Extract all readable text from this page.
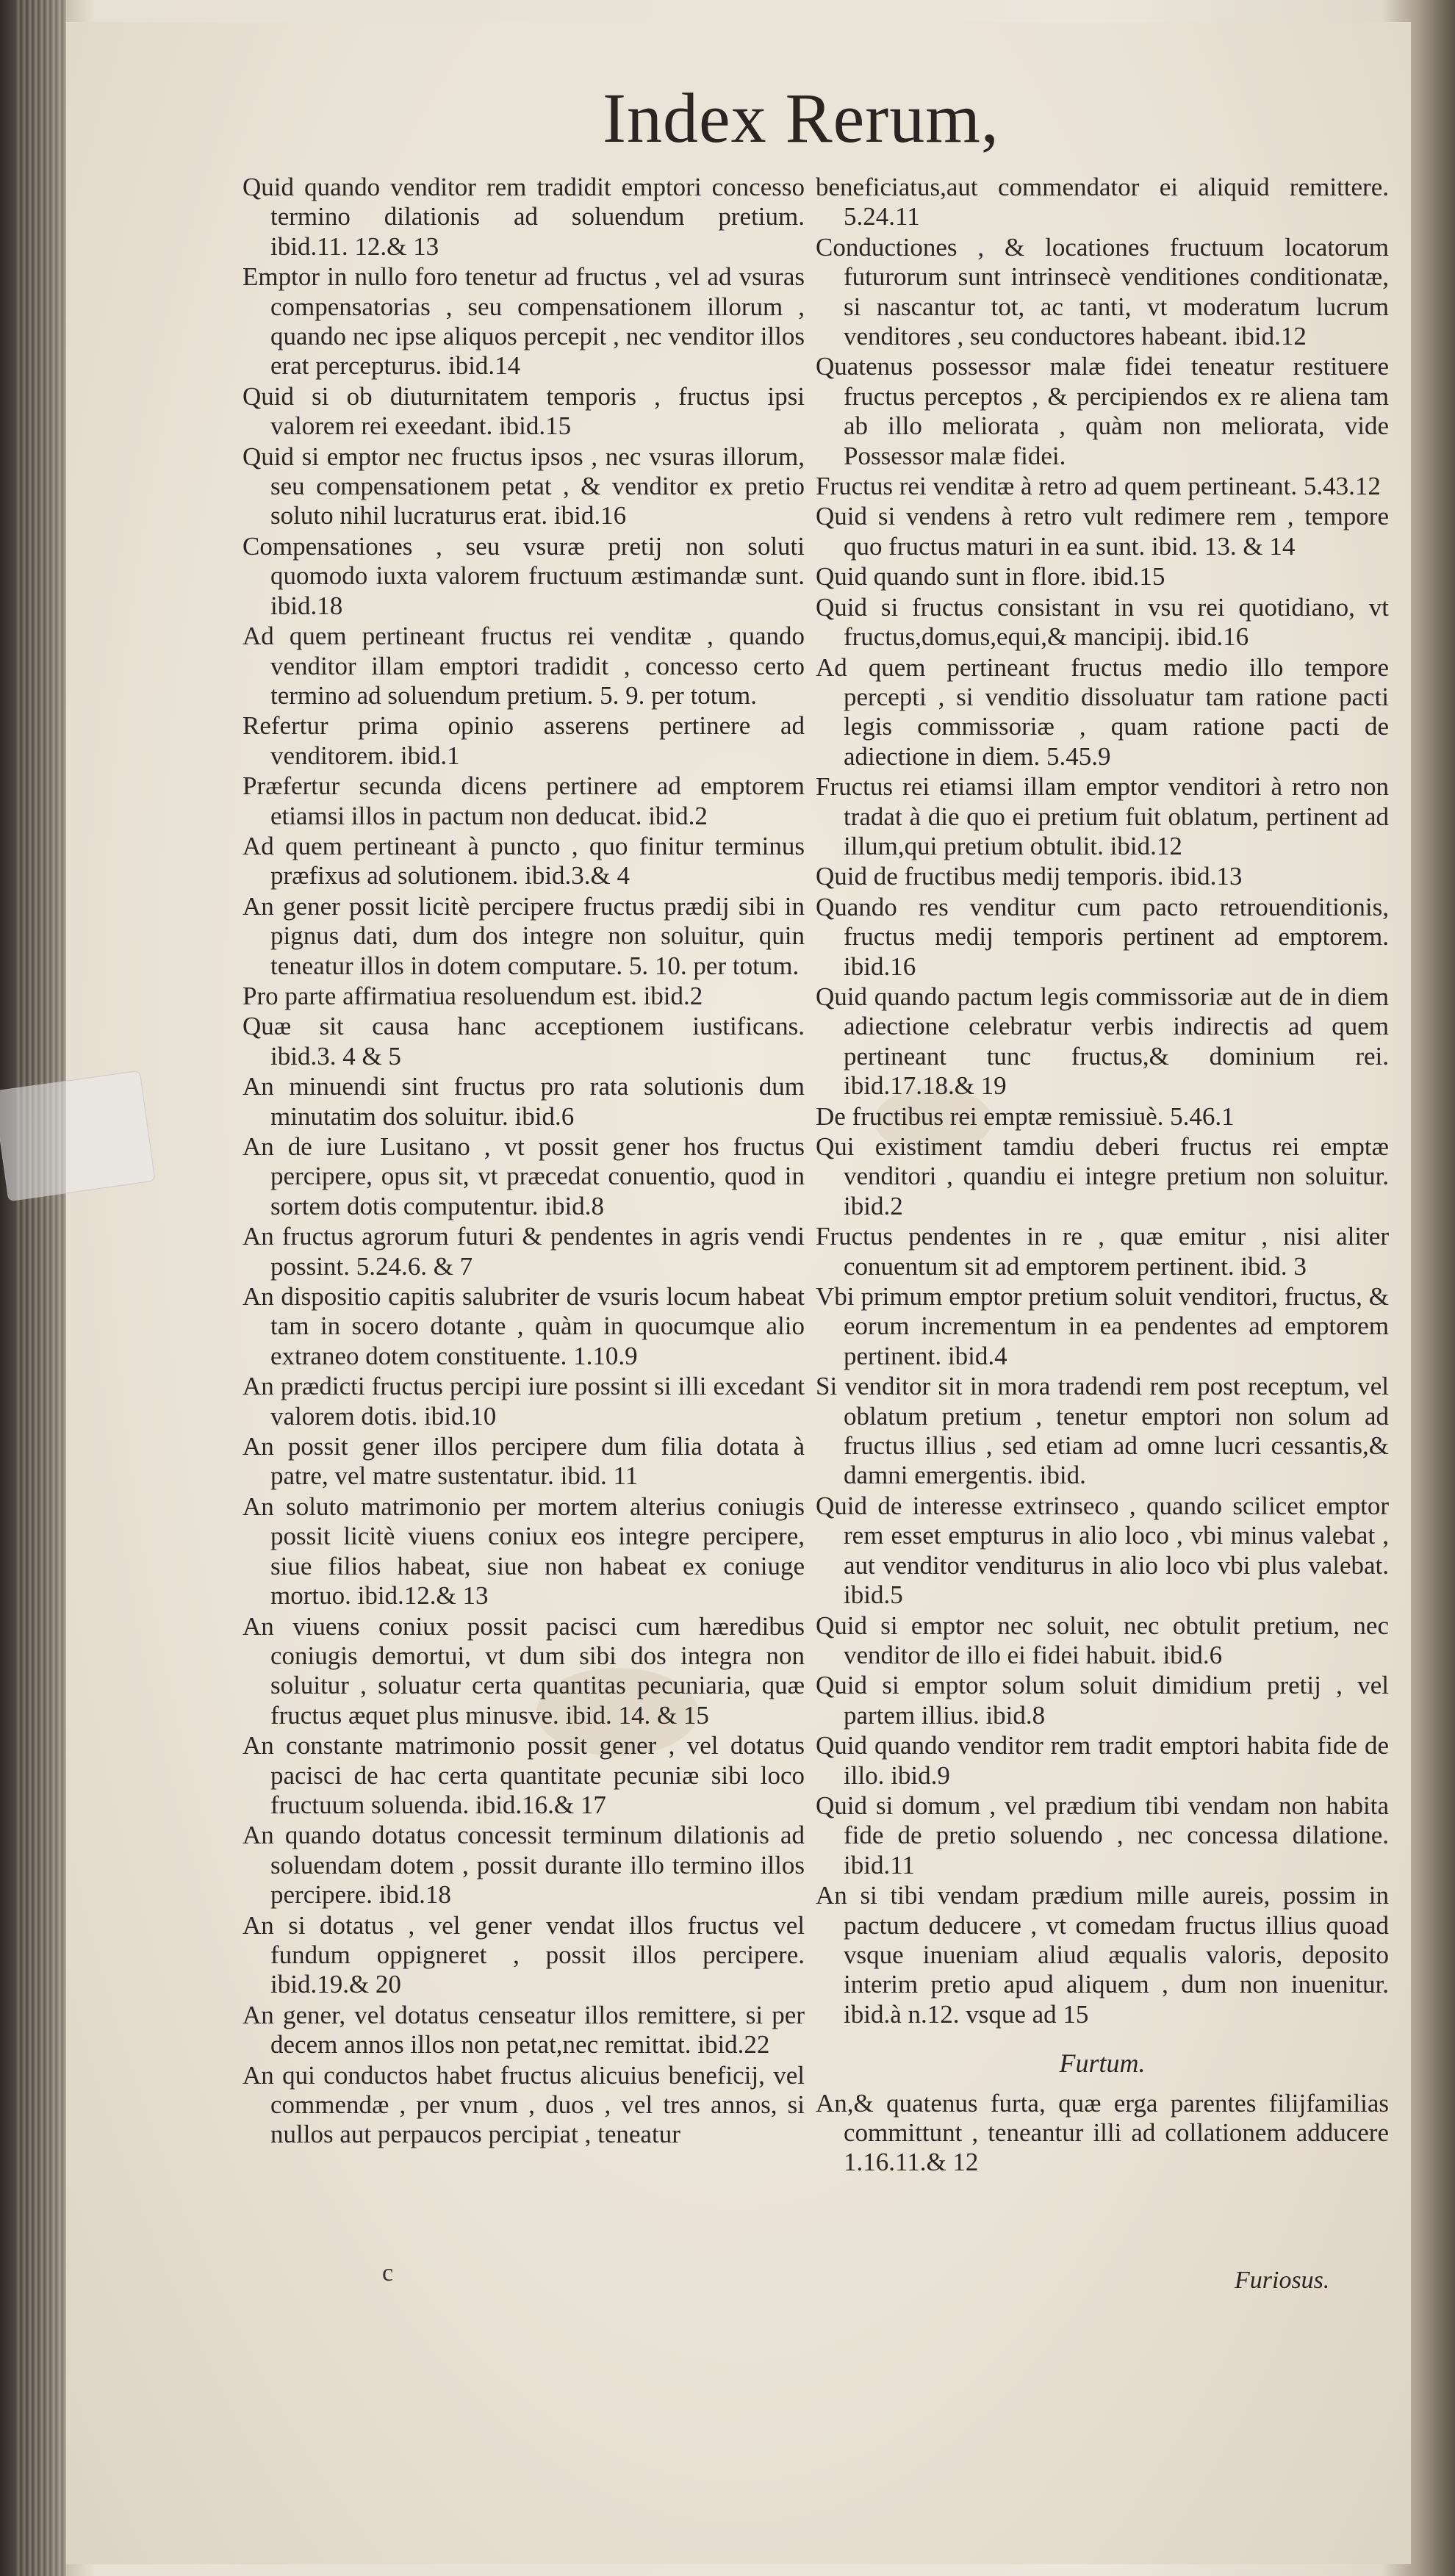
Index Rerum,
Quid quando venditor rem tradidit emptori concesso termino dilationis ad soluendum pretium. ibid.11. 12.& 13
Emptor in nullo foro tenetur ad fructus , vel ad vsuras compensatorias , seu compensationem illorum , quando nec ipse aliquos percepit , nec venditor illos erat percepturus. ibid.14
Quid si ob diuturnitatem temporis , fructus ipsi valorem rei exeedant. ibid.15
Quid si emptor nec fructus ipsos , nec vsuras illorum, seu compensationem petat , & venditor ex pretio soluto nihil lucraturus erat. ibid.16
Compensationes , seu vsuræ pretij non soluti quomodo iuxta valorem fructuum æstimandæ sunt. ibid.18
Ad quem pertineant fructus rei venditæ , quando venditor illam emptori tradidit , concesso certo termino ad soluendum pretium. 5. 9. per totum.
Refertur prima opinio asserens pertinere ad venditorem. ibid.1
Præfertur secunda dicens pertinere ad emptorem etiamsi illos in pactum non deducat. ibid.2
Ad quem pertineant à puncto , quo finitur terminus præfixus ad solutionem. ibid.3.& 4
An gener possit licitè percipere fructus prædij sibi in pignus dati, dum dos integre non soluitur, quin teneatur illos in dotem computare. 5. 10. per totum.
Pro parte affirmatiua resoluendum est. ibid.2
Quæ sit causa hanc acceptionem iustificans. ibid.3. 4 & 5
An minuendi sint fructus pro rata solutionis dum minutatim dos soluitur. ibid.6
An de iure Lusitano , vt possit gener hos fructus percipere, opus sit, vt præcedat conuentio, quod in sortem dotis computentur. ibid.8
An fructus agrorum futuri & pendentes in agris vendi possint. 5.24.6. & 7
An dispositio capitis salubriter de vsuris locum habeat tam in socero dotante , quàm in quocumque alio extraneo dotem constituente. 1.10.9
An prædicti fructus percipi iure possint si illi excedant valorem dotis. ibid.10
An possit gener illos percipere dum filia dotata à patre, vel matre sustentatur. ibid. 11
An soluto matrimonio per mortem alterius coniugis possit licitè viuens coniux eos integre percipere, siue filios habeat, siue non habeat ex coniuge mortuo. ibid.12.& 13
An viuens coniux possit pacisci cum hæredibus coniugis demortui, vt dum sibi dos integra non soluitur , soluatur certa quantitas pecuniaria, quæ fructus æquet plus minusve. ibid. 14. & 15
An constante matrimonio possit gener , vel dotatus pacisci de hac certa quantitate pecuniæ sibi loco fructuum soluenda. ibid.16.& 17
An quando dotatus concessit terminum dilationis ad soluendam dotem , possit durante illo termino illos percipere. ibid.18
An si dotatus , vel gener vendat illos fructus vel fundum oppigneret , possit illos percipere. ibid.19.& 20
An gener, vel dotatus censeatur illos remittere, si per decem annos illos non petat,nec remittat. ibid.22
An qui conductos habet fructus alicuius beneficij, vel commendæ , per vnum , duos , vel tres annos, si nullos aut perpaucos percipiat , teneatur
beneficiatus,aut commendator ei aliquid remittere. 5.24.11
Conductiones , & locationes fructuum locatorum futurorum sunt intrinsecè venditiones conditionatæ, si nascantur tot, ac tanti, vt moderatum lucrum venditores , seu conductores habeant. ibid.12
Quatenus possessor malæ fidei teneatur restituere fructus perceptos , & percipiendos ex re aliena tam ab illo meliorata , quàm non meliorata, vide Possessor malæ fidei.
Fructus rei venditæ à retro ad quem pertineant. 5.43.12
Quid si vendens à retro vult redimere rem , tempore quo fructus maturi in ea sunt. ibid. 13. & 14
Quid quando sunt in flore. ibid.15
Quid si fructus consistant in vsu rei quotidiano, vt fructus,domus,equi,& mancipij. ibid.16
Ad quem pertineant fructus medio illo tempore percepti , si venditio dissoluatur tam ratione pacti legis commissoriæ , quam ratione pacti de adiectione in diem. 5.45.9
Fructus rei etiamsi illam emptor venditori à retro non tradat à die quo ei pretium fuit oblatum, pertinent ad illum,qui pretium obtulit. ibid.12
Quid de fructibus medij temporis. ibid.13
Quando res venditur cum pacto retrouenditionis, fructus medij temporis pertinent ad emptorem. ibid.16
Quid quando pactum legis commissoriæ aut de in diem adiectione celebratur verbis indirectis ad quem pertineant tunc fructus,& dominium rei. ibid.17.18.& 19
De fructibus rei emptæ remissiuè. 5.46.1
Qui existiment tamdiu deberi fructus rei emptæ venditori , quandiu ei integre pretium non soluitur. ibid.2
Fructus pendentes in re , quæ emitur , nisi aliter conuentum sit ad emptorem pertinent. ibid. 3
Vbi primum emptor pretium soluit venditori, fructus, & eorum incrementum in ea pendentes ad emptorem pertinent. ibid.4
Si venditor sit in mora tradendi rem post receptum, vel oblatum pretium , tenetur emptori non solum ad fructus illius , sed etiam ad omne lucri cessantis,& damni emergentis. ibid.
Quid de interesse extrinseco , quando scilicet emptor rem esset empturus in alio loco , vbi minus valebat , aut venditor venditurus in alio loco vbi plus valebat. ibid.5
Quid si emptor nec soluit, nec obtulit pretium, nec venditor de illo ei fidei habuit. ibid.6
Quid si emptor solum soluit dimidium pretij , vel partem illius. ibid.8
Quid quando venditor rem tradit emptori habita fide de illo. ibid.9
Quid si domum , vel prædium tibi vendam non habita fide de pretio soluendo , nec concessa dilatione. ibid.11
An si tibi vendam prædium mille aureis, possim in pactum deducere , vt comedam fructus illius quoad vsque inueniam aliud æqualis valoris, deposito interim pretio apud aliquem , dum non inuenitur. ibid.à n.12. vsque ad 15
Furtum.
An,& quatenus furta, quæ erga parentes filijfamilias committunt , teneantur illi ad collationem adducere 1.16.11.& 12
c	Furiosus.
